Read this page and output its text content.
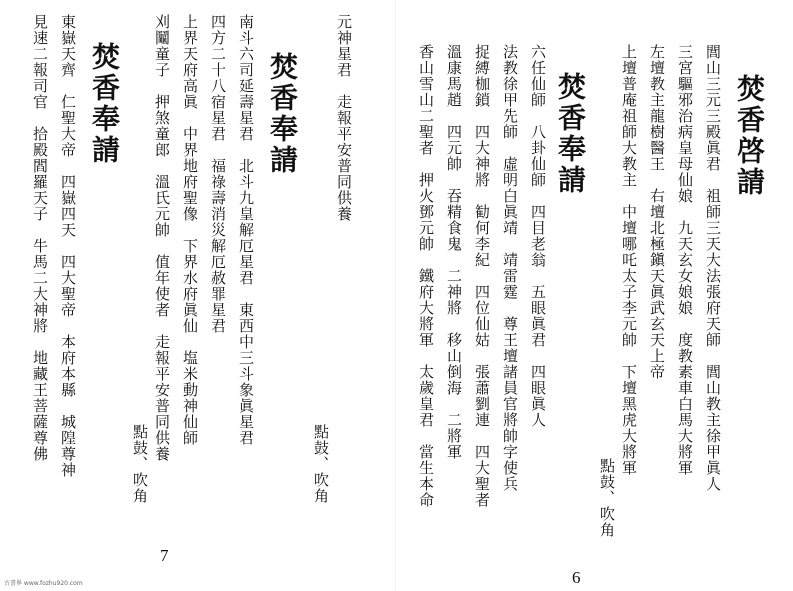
焚香啓請
閭山三元三殿眞君　祖師三天大法張府天師　閭山教主徐甲眞人
三宮驅邪治病皇母仙娘　九天玄女娘娘　度教素車白馬大將軍
左壇教主龍樹醫王　右壇北極鎭天眞武玄天上帝
上壇普庵祖師大教主　中壇哪吒太子李元帥　下壇黑虎大將軍
點鼓、吹角
焚香奉請
六任仙師　八卦仙師　四目老翁　五眼眞君　四眼眞人
法教徐甲先師　虛明白眞靖　靖雷霆　尊王壇諸員官將帥字使兵
捉縛枷鎖　四大神將　勧何李紀　四位仙姑　張蕭劉連　四大聖者
溫康馬趙　四元帥　吞精食鬼　二神將　移山倒海　二將軍
香山雪山二聖者　押火鄧元帥　鐵府大將軍　太歲皇君　當生本命
6
元神星君　走報平安普同供養
點鼓、吹角
焚香奉請
南斗六司延壽星君　北斗九皇解厄星君　東西中三斗象眞星君
四方二十八宿星君　福祿壽消災解厄赦罪星君
上界天府高眞　中界地府聖像　下界水府眞仙　塩米動神仙師
刈鬮童子　押煞童郎　溫氏元帥　值年使者　走報平安普同供養
點鼓、吹角
焚香奉請
東嶽天齊　仁聖大帝　四嶽四天　四大聖帝　本府本縣　城隍尊神
見速二報司官　拾殿閻羅天子　牛馬二大神將　地藏王菩薩尊佛
7
古書界 www.fozhu920.com
